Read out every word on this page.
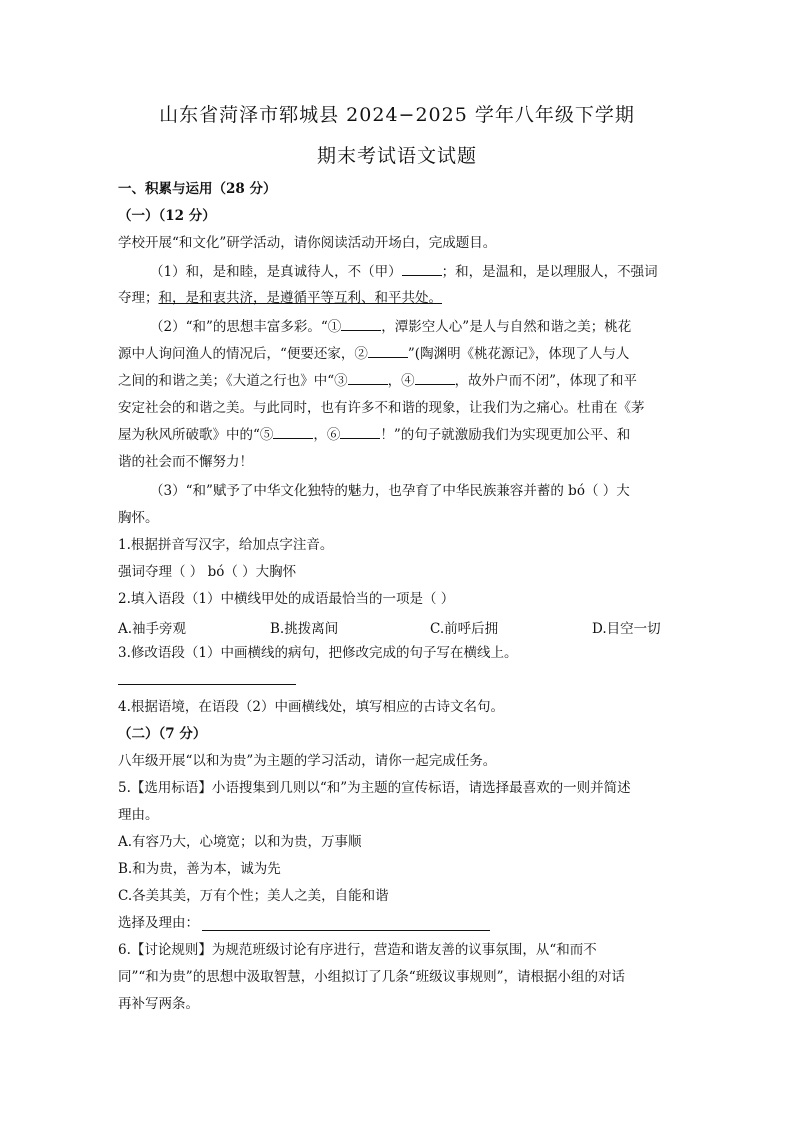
山东省菏泽市郓城县 2024−2025 学年八年级下学期
期末考试语文试题
一、积累与运用（28 分）
（一）（12 分）
学校开展“和文化”研学活动，请你阅读活动开场白，完成题目。
（1）和，是和睦，是真诚待人，不（甲）	；和，是温和，是以理服人，不强词
夺理；和，是和衷共济，是遵循平等互利、和平共处。
（2）“和”的思想丰富多彩。“①	，潭影空人心”是人与自然和谐之美；桃花
源中人询问渔人的情况后，“便要还家，②	”(陶渊明《桃花源记》，体现了人与人
之间的和谐之美；《大道之行也》中“③	，④	，故外户而不闭”，体现了和平
安定社会的和谐之美。与此同时，也有许多不和谐的现象，让我们为之痛心。杜甫在《茅
屋为秋风所破歌》中的“⑤	，⑥	！”的句子就激励我们为实现更加公平、和
谐的社会而不懈努力！
（3）“和”赋予了中华文化独特的魅力，也孕育了中华民族兼容并蓄的 bó（ ）大
胸怀。
1.根据拼音写汉字，给加点字注音。
强词夺理（ ） bó（ ）大胸怀
2.填入语段（1）中横线甲处的成语最恰当的一项是（ ）
A.袖手旁观	B.挑拨离间	C.前呼后拥	D.目空一切
3.修改语段（1）中画横线的病句，把修改完成的句子写在横线上。
4.根据语境，在语段（2）中画横线处，填写相应的古诗文名句。
（二）（7 分）
八年级开展“以和为贵”为主题的学习活动，请你一起完成任务。
5.【选用标语】小语搜集到几则以“和”为主题的宣传标语，请选择最喜欢的一则并简述
理由。
A.有容乃大，心境宽；以和为贵，万事顺
B.和为贵，善为本，诚为先
C.各美其美，万有个性；美人之美，自能和谐
选择及理由：
6.【讨论规则】为规范班级讨论有序进行，营造和谐友善的议事氛围，从“和而不
同”“和为贵”的思想中汲取智慧，小组拟订了几条“班级议事规则”，请根据小组的对话
再补写两条。
